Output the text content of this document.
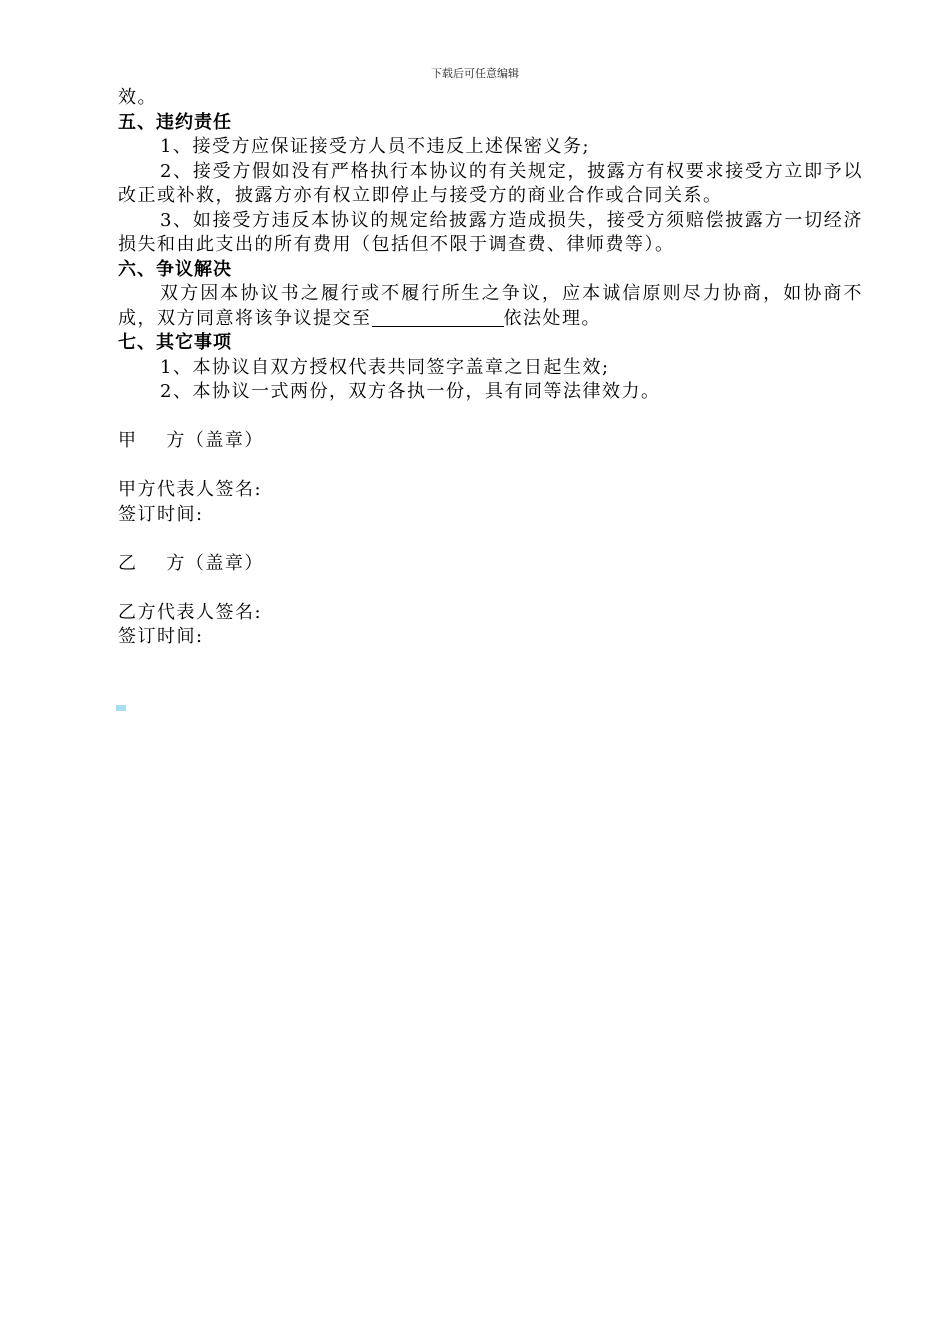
下载后可任意编辑

效。

五、违约责任

1、接受方应保证接受方人员不违反上述保密义务;

2、接受方假如没有严格执行本协议的有关规定，披露方有权要求接受方立即予以改正或补救，披露方亦有权立即停止与接受方的商业合作或合同关系。

3、如接受方违反本协议的规定给披露方造成损失，接受方须赔偿披露方一切经济损失和由此支出的所有费用（包括但不限于调查费、律师费等）。

六、争议解决

双方因本协议书之履行或不履行所生之争议，应本诚信原则尽力协商，如协商不成，双方同意将该争议提交至	依法处理。

七、其它事项

1、本协议自双方授权代表共同签字盖章之日起生效;

2、本协议一式两份，双方各执一份，具有同等法律效力。

甲    方（盖章）

甲方代表人签名:

签订时间:

乙    方（盖章）

乙方代表人签名:

签订时间:
